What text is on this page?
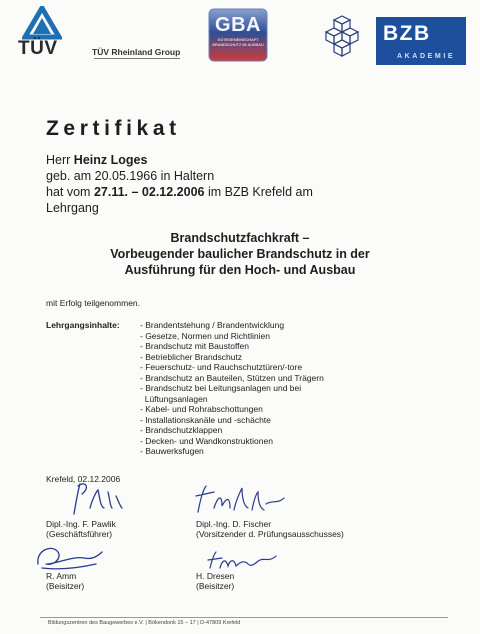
TÜV	TÜV Rheinland Group
GBA
GÜTEGEMEINSCHAFT BRANDSCHUTZ IM AUSBAU	BZB
AKADEMIE
Zertifikat
Herr Heinz Loges
geb. am 20.05.1966 in Haltern
hat vom 27.11. – 02.12.2006 im BZB Krefeld am
Lehrgang
Brandschutzfachkraft –
Vorbeugender baulicher Brandschutz in der
Ausführung für den Hoch- und Ausbau
mit Erfolg teilgenommen.
Lehrgangsinhalte: - Brandentstehung / Brandentwicklung
- Gesetze, Normen und Richtlinien
- Brandschutz mit Baustoffen
- Betrieblicher Brandschutz
- Feuerschutz- und Rauchschutztüren/-tore
- Brandschutz an Bauteilen, Stützen und Trägern
- Brandschutz bei Leitungsanlagen und bei
Lüftungsanlagen
- Kabel- und Rohrabschottungen
- Installationskanäle und -schächte
- Brandschutzklappen
- Decken- und Wandkonstruktionen
- Bauwerksfugen
Krefeld, 02.12.2006
Dipl.-Ing. F. Pawlik
(Geschäftsführer)
Dipl.-Ing. D. Fischer
(Vorsitzender d. Prüfungsausschusses)
R. Amm
(Beisitzer)
H. Dresen
(Beisitzer)
Bildungszentren des Baugewerbes e.V. | Bökendonk 15 – 17 | D-47809 Krefeld
